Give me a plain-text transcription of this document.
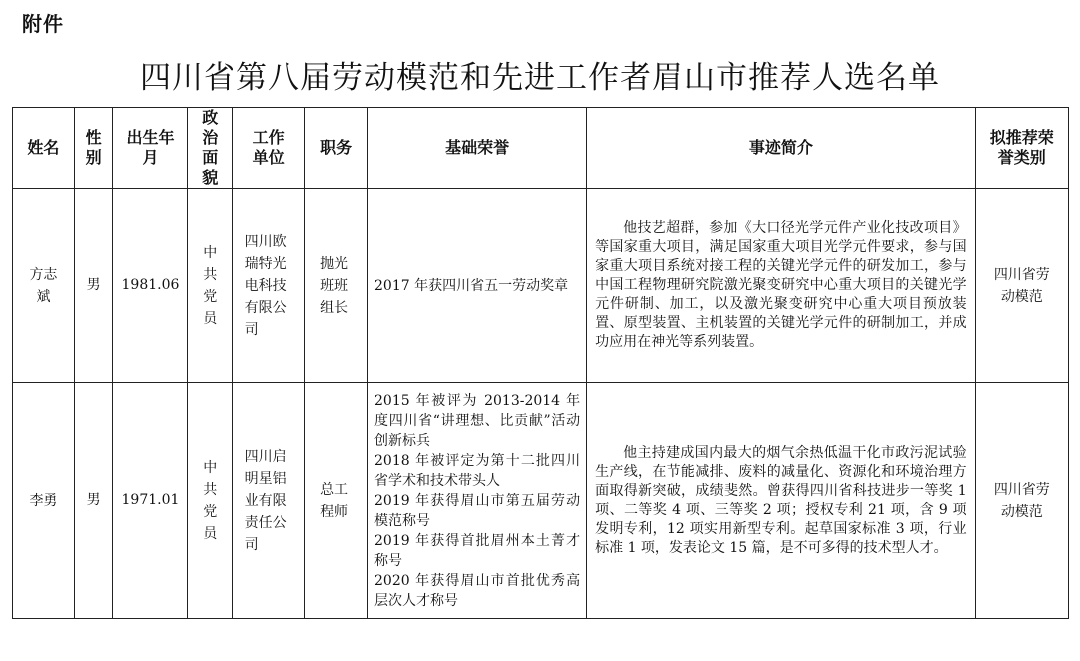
附件
四川省第八届劳动模范和先进工作者眉山市推荐人选名单
姓名	性别	出生年月	政治面貌	工作单位	职务	基础荣誉	事迹简介	拟推荐荣誉类别
方志斌	男	1981.06	中共党员	四川欧瑞特光电科技有限公司	抛光班班组长	2017 年获四川省五一劳动奖章	他技艺超群，参加《大口径光学元件产业化技改项目》等国家重大项目，满足国家重大项目光学元件要求，参与国家重大项目系统对接工程的关键光学元件的研发加工，参与中国工程物理研究院激光聚变研究中心重大项目的关键光学元件研制、加工，以及激光聚变研究中心重大项目预放装置、原型装置、主机装置的关键光学元件的研制加工，并成功应用在神光等系列装置。	四川省劳动模范
李勇	男	1971.01	中共党员	四川启明星铝业有限责任公司	总工程师	2015 年被评为 2013-2014 年度四川省“讲理想、比贡献”活动创新标兵
2018 年被评定为第十二批四川省学术和技术带头人
2019 年获得眉山市第五届劳动模范称号
2019 年获得首批眉州本土菁才称号
2020 年获得眉山市首批优秀高层次人才称号	他主持建成国内最大的烟气余热低温干化市政污泥试验生产线，在节能减排、废料的减量化、资源化和环境治理方面取得新突破，成绩斐然。曾获得四川省科技进步一等奖 1 项、二等奖 4 项、三等奖 2 项；授权专利 21 项，含 9 项发明专利，12 项实用新型专利。起草国家标准 3 项，行业标准 1 项，发表论文 15 篇，是不可多得的技术型人才。	四川省劳动模范
